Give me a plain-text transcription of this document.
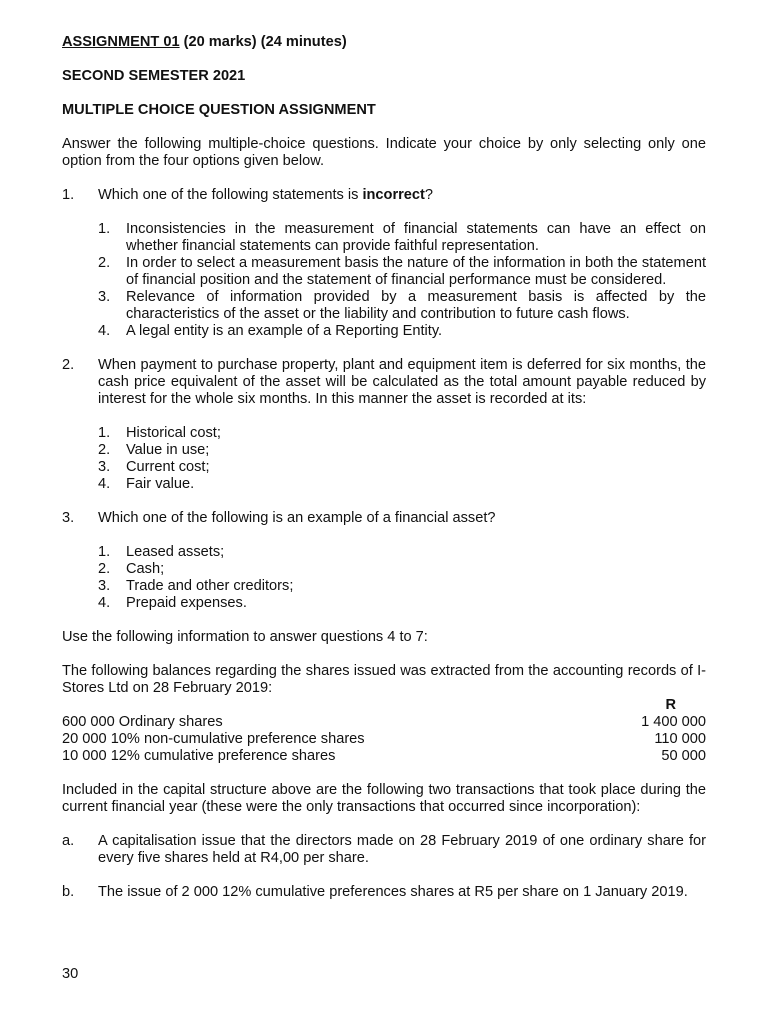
ASSIGNMENT 01 (20 marks) (24 minutes)

SECOND SEMESTER 2021

MULTIPLE CHOICE QUESTION ASSIGNMENT

Answer the following multiple-choice questions. Indicate your choice by only selecting only one option from the four options given below.

1.	Which one of the following statements is incorrect?

1.	Inconsistencies in the measurement of financial statements can have an effect on whether financial statements can provide faithful representation.
2.	In order to select a measurement basis the nature of the information in both the statement of financial position and the statement of financial performance must be considered.
3.	Relevance of information provided by a measurement basis is affected by the characteristics of the asset or the liability and contribution to future cash flows.
4.	A legal entity is an example of a Reporting Entity.
2.	When payment to purchase property, plant and equipment item is deferred for six months, the cash price equivalent of the asset will be calculated as the total amount payable reduced by interest for the whole six months. In this manner the asset is recorded at its:

1.	Historical cost;
2.	Value in use;
3.	Current cost;
4.	Fair value.
3.	Which one of the following is an example of a financial asset?

1.	Leased assets;
2.	Cash;
3.	Trade and other creditors;
4.	Prepaid expenses.

Use the following information to answer questions 4 to 7:

The following balances regarding the shares issued was extracted from the accounting records of I-Stores Ltd on 28 February 2019:

	R

600 000 Ordinary shares	1 400 000
20 000 10% non-cumulative preference shares	110 000
10 000 12% cumulative preference shares	50 000

Included in the capital structure above are the following two transactions that took place during the current financial year (these were the only transactions that occurred since incorporation):

a.	A capitalisation issue that the directors made on 28 February 2019 of one ordinary share for every five shares held at R4,00 per share.
b.	The issue of 2 000 12% cumulative preferences shares at R5 per share on 1 January 2019.
30
